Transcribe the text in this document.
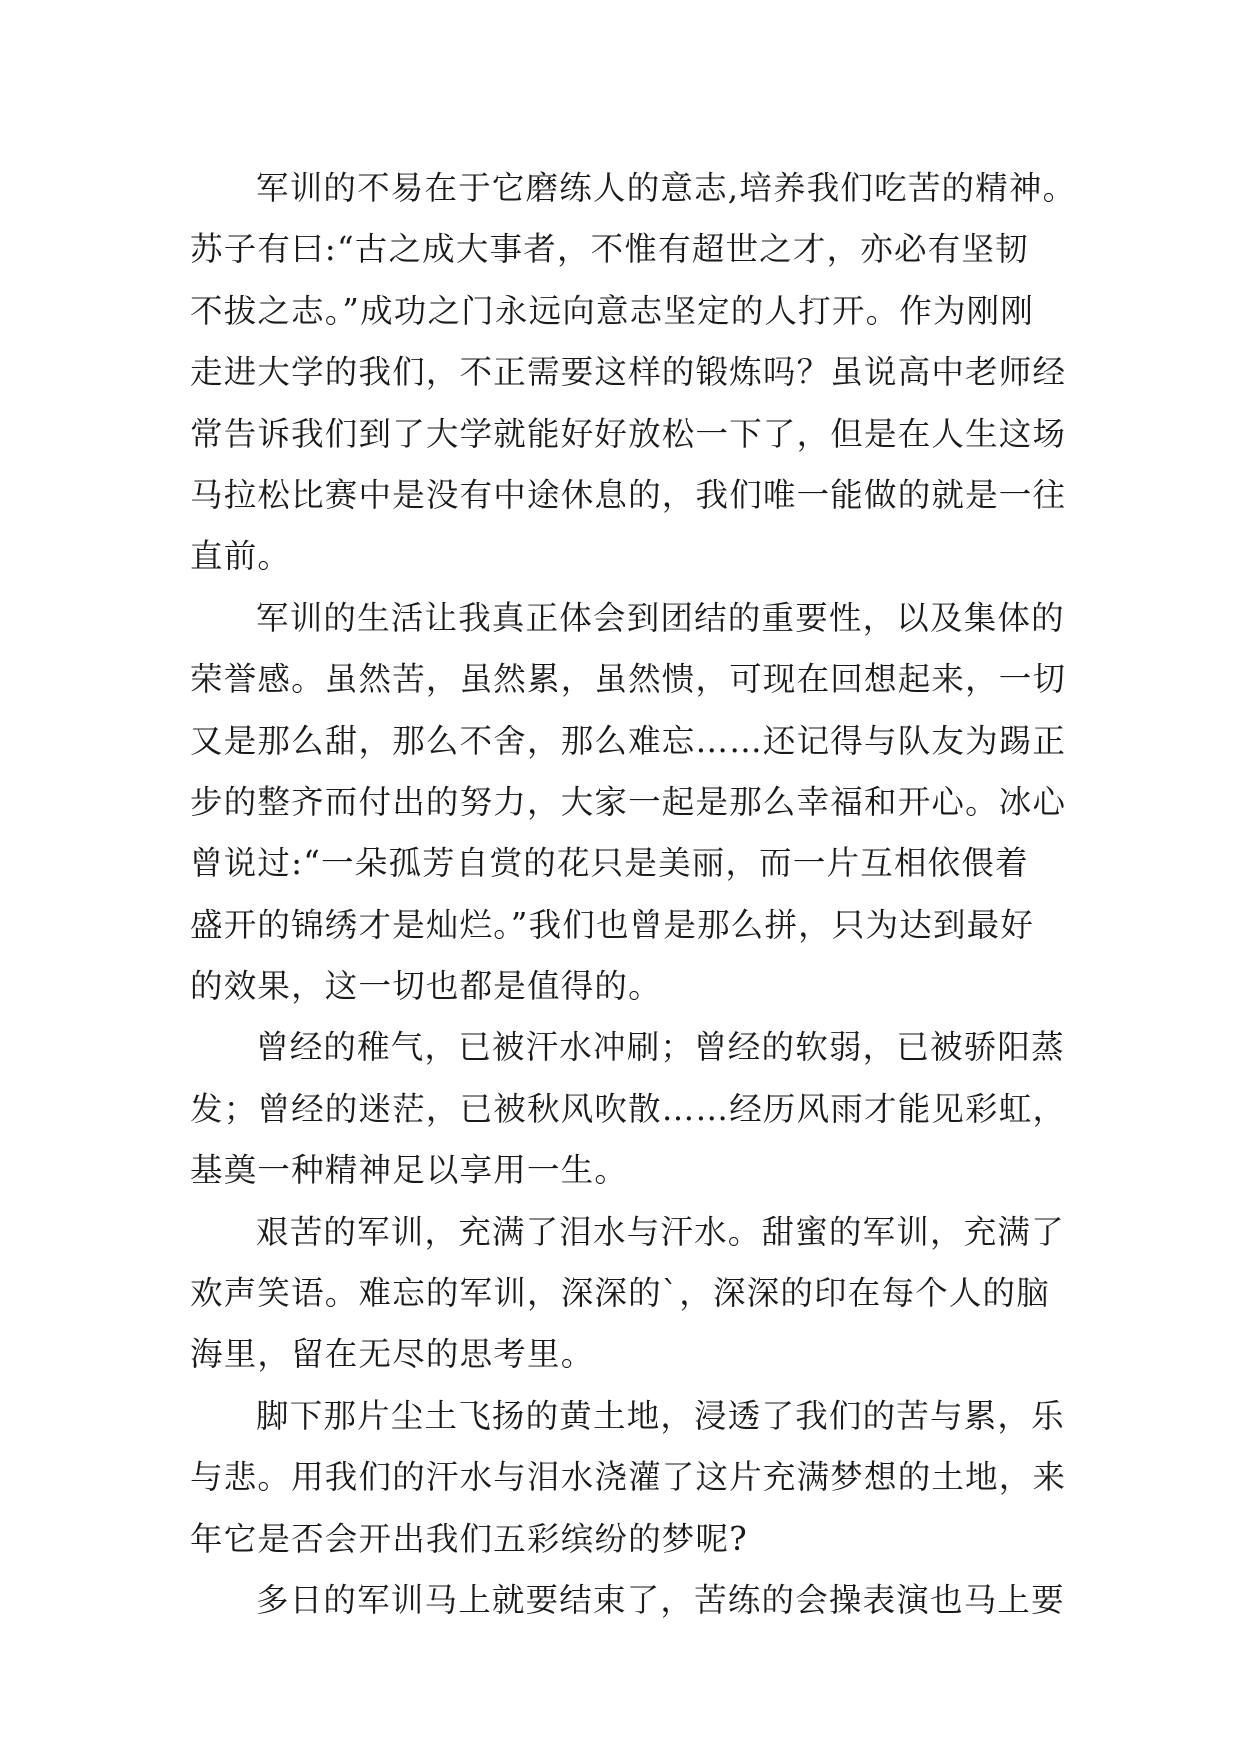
军训的不易在于它磨练人的意志,培养我们吃苦的精神。
苏子有曰:“古之成大事者，不惟有超世之才，亦必有坚韧
不拔之志。”成功之门永远向意志坚定的人打开。作为刚刚
走进大学的我们，不正需要这样的锻炼吗？虽说高中老师经
常告诉我们到了大学就能好好放松一下了，但是在人生这场
马拉松比赛中是没有中途休息的，我们唯一能做的就是一往
直前。
军训的生活让我真正体会到团结的重要性，以及集体的
荣誉感。虽然苦，虽然累，虽然愦，可现在回想起来，一切
又是那么甜，那么不舍，那么难忘……还记得与队友为踢正
步的整齐而付出的努力，大家一起是那么幸福和开心。冰心
曾说过:“一朵孤芳自赏的花只是美丽，而一片互相依偎着
盛开的锦绣才是灿烂。”我们也曾是那么拼，只为达到最好
的效果，这一切也都是值得的。
曾经的稚气，已被汗水冲刷；曾经的软弱，已被骄阳蒸
发；曾经的迷茫，已被秋风吹散……经历风雨才能见彩虹，
基奠一种精神足以享用一生。
艰苦的军训，充满了泪水与汗水。甜蜜的军训，充满了
欢声笑语。难忘的军训，深深的`，深深的印在每个人的脑
海里，留在无尽的思考里。
脚下那片尘土飞扬的黄土地，浸透了我们的苦与累，乐
与悲。用我们的汗水与泪水浇灌了这片充满梦想的土地，来
年它是否会开出我们五彩缤纷的梦呢?
多日的军训马上就要结束了，苦练的会操表演也马上要
